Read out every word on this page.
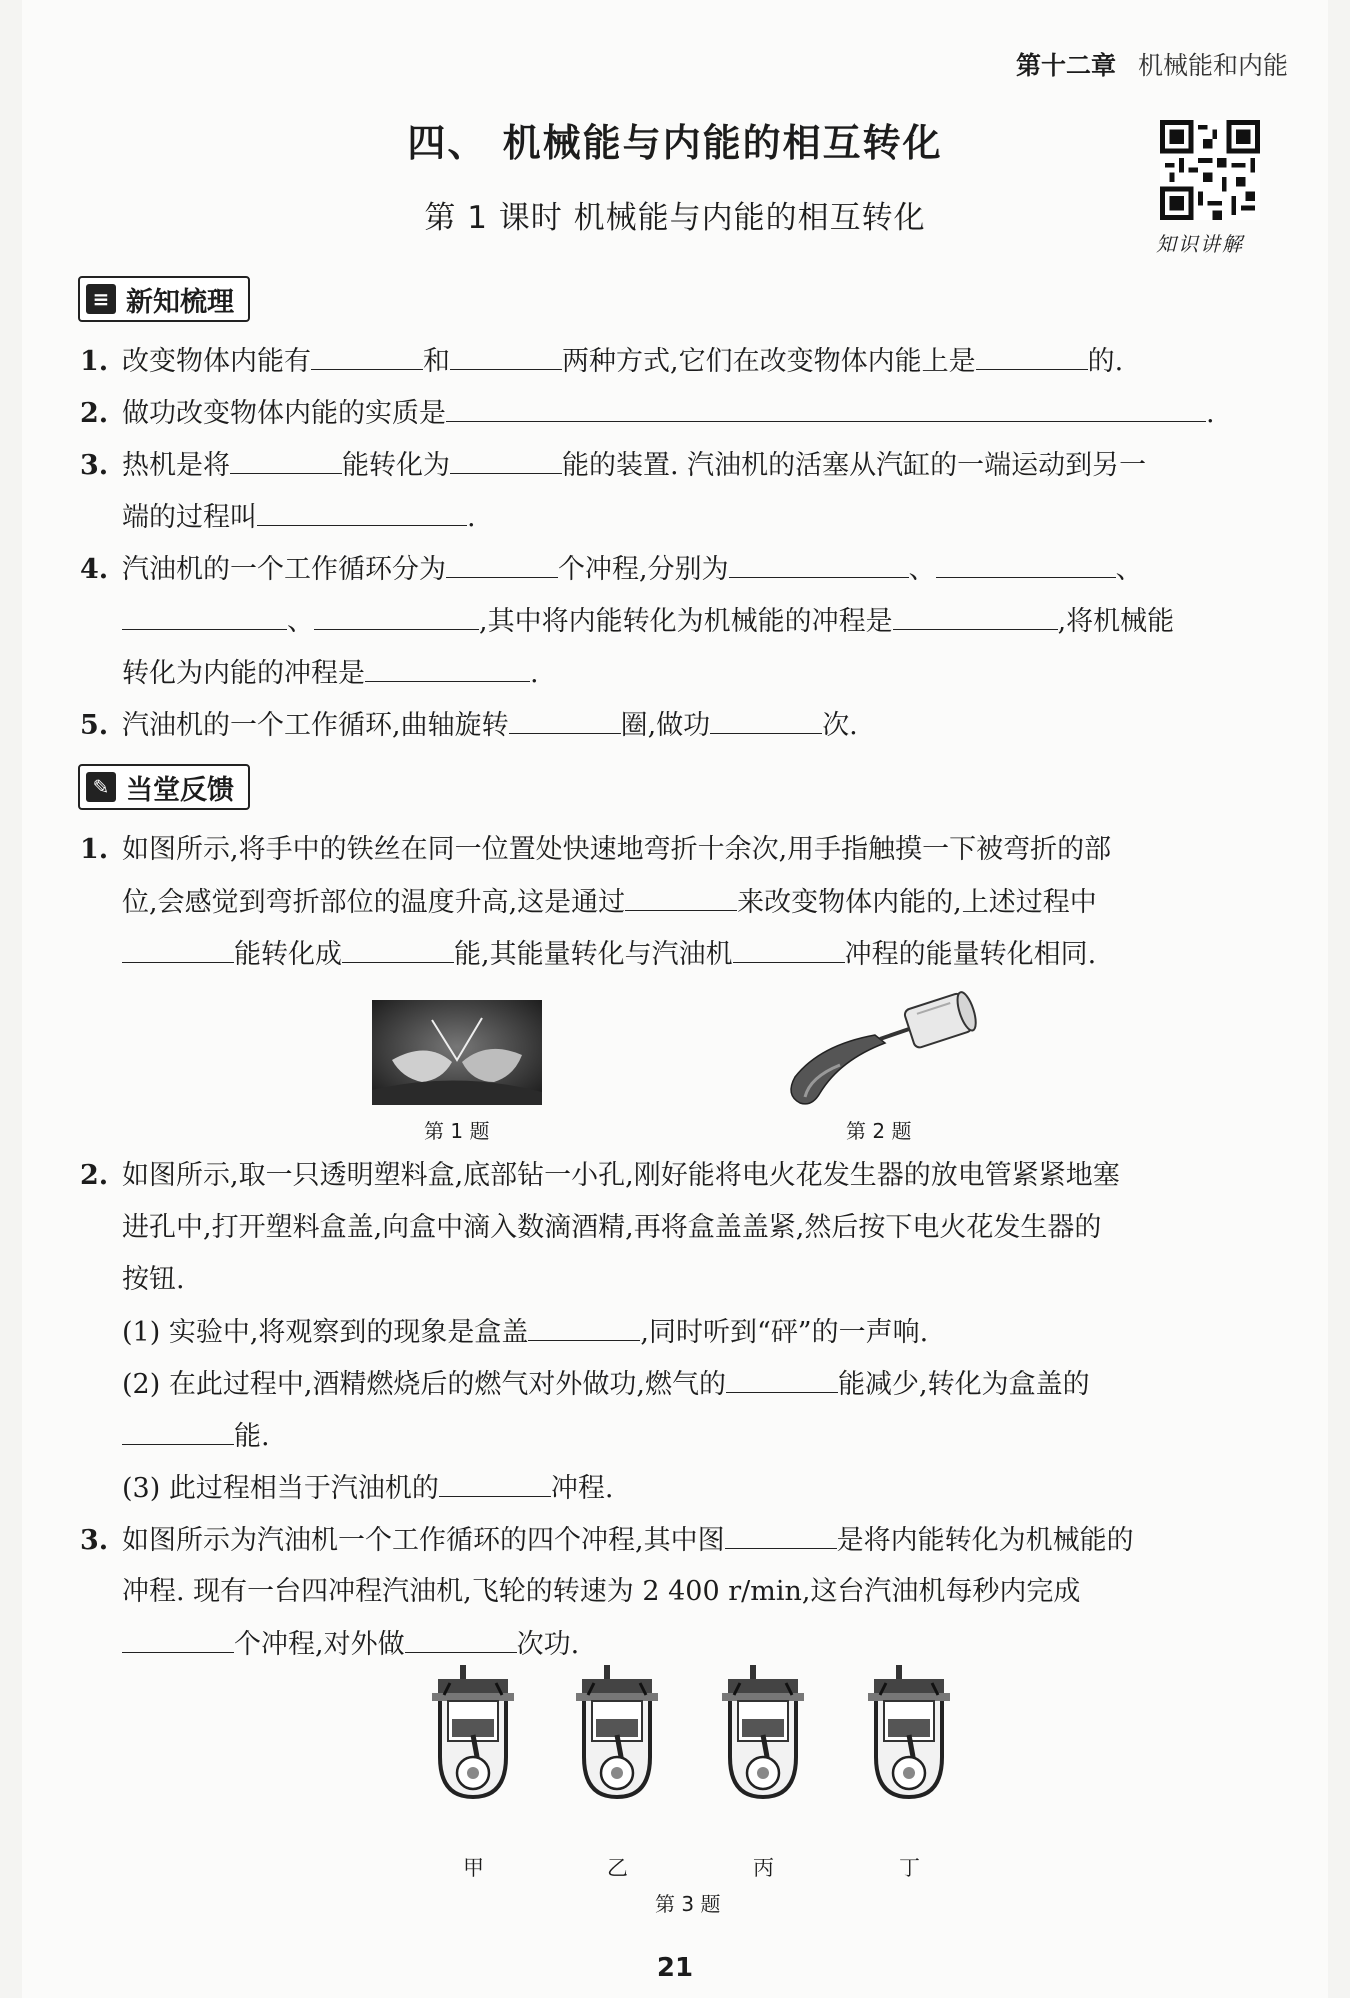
第十二章 机械能和内能
四、 机械能与内能的相互转化
第 1 课时 机械能与内能的相互转化
知识讲解
≡ 新知梳理
1. 改变物体内能有	和	两种方式,它们在改变物体内能上是	的.
2. 做功改变物体内能的实质是	.
3. 热机是将	能转化为	能的装置. 汽油机的活塞从汽缸的一端运动到另一
端的过程叫	.
4. 汽油机的一个工作循环分为	个冲程,分别为	、	、
、	,其中将内能转化为机械能的冲程是	,将机械能
转化为内能的冲程是	.
5. 汽油机的一个工作循环,曲轴旋转	圈,做功	次.
✎ 当堂反馈
1. 如图所示,将手中的铁丝在同一位置处快速地弯折十余次,用手指触摸一下被弯折的部
位,会感觉到弯折部位的温度升高,这是通过	来改变物体内能的,上述过程中
能转化成	能,其能量转化与汽油机	冲程的能量转化相同.
第 1 题	第 2 题
2. 如图所示,取一只透明塑料盒,底部钻一小孔,刚好能将电火花发生器的放电管紧紧地塞
进孔中,打开塑料盒盖,向盒中滴入数滴酒精,再将盒盖盖紧,然后按下电火花发生器的
按钮.
(1) 实验中,将观察到的现象是盒盖	,同时听到“砰”的一声响.
(2) 在此过程中,酒精燃烧后的燃气对外做功,燃气的	能减少,转化为盒盖的
能.
(3) 此过程相当于汽油机的	冲程.
3. 如图所示为汽油机一个工作循环的四个冲程,其中图	是将内能转化为机械能的
冲程. 现有一台四冲程汽油机,飞轮的转速为 2 400 r/min,这台汽油机每秒内完成
个冲程,对外做	次功.
甲	乙	丙	丁
第 3 题
21
